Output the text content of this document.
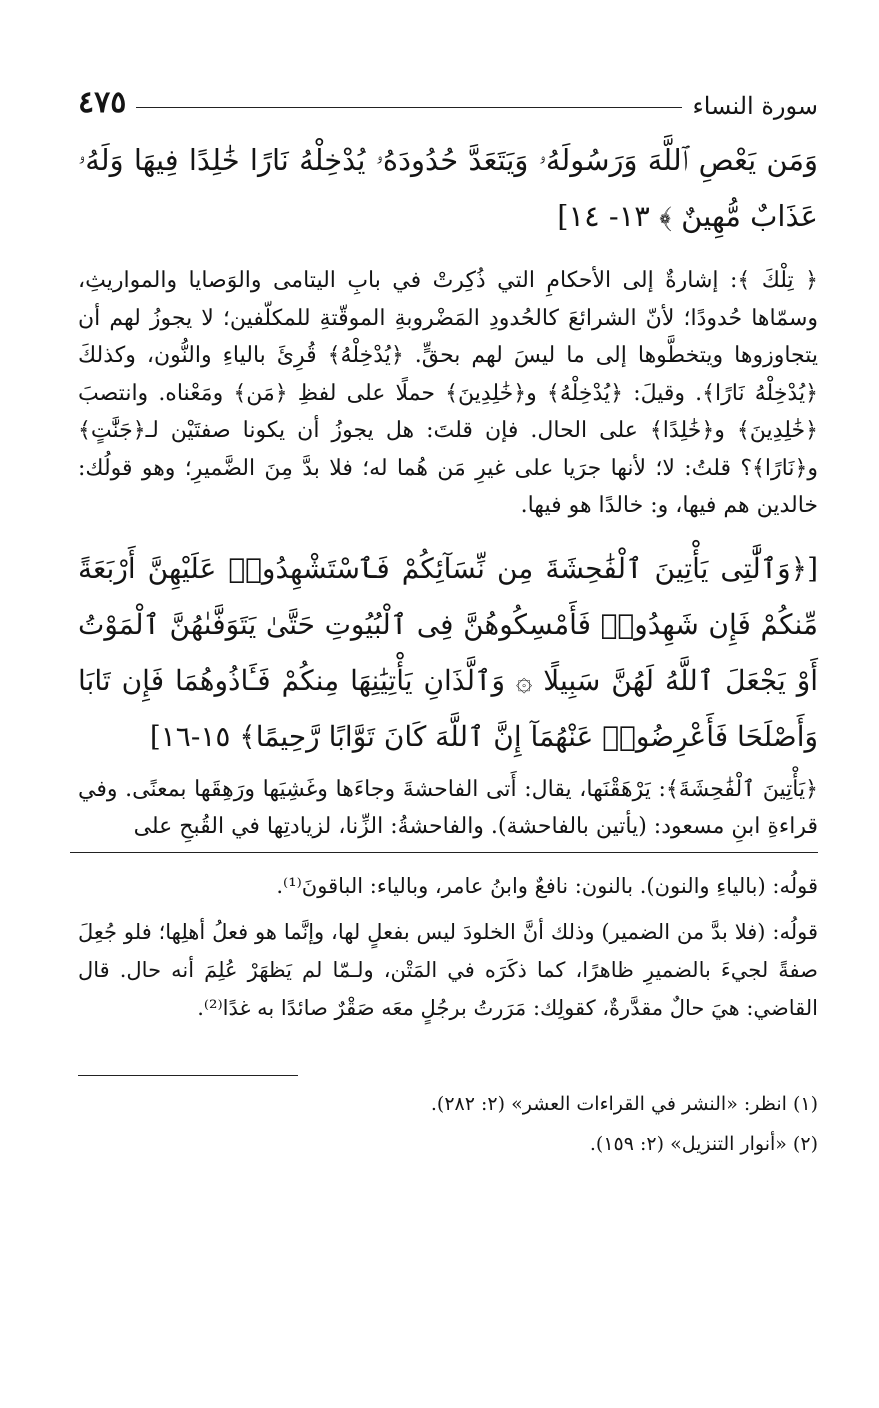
سورة النساء
٤٧٥
وَمَن يَعْصِ ٱللَّهَ وَرَسُولَهُۥ وَيَتَعَدَّ حُدُودَهُۥ يُدْخِلْهُ نَارًا خَٰلِدًا فِيهَا وَلَهُۥ عَذَابٌ مُّهِينٌ ﴾ ١٣- ١٤]
﴿ تِلْكَ ﴾: إشارةٌ إلى الأحكامِ التي ذُكِرتْ في بابِ اليتامى والوَصايا والمواريثِ، وسمّاها حُدودًا؛ لأنّ الشرائعَ كالحُدودِ المَضْروبةِ الموقّتةِ للمكلّفين؛ لا يجوزُ لهم أن يتجاوزوها ويتخطَّوها إلى ما ليسَ لهم بحقٍّ. ﴿يُدْخِلْهُ﴾ قُرِئَ بالياءِ والنُّون، وكذلكَ ﴿يُدْخِلْهُ نَارًا﴾. وقيلَ: ﴿يُدْخِلْهُ﴾ و﴿خَٰلِدِينَ﴾ حملًا على لفظِ ﴿مَن﴾ ومَعْناه. وانتصبَ ﴿خَٰلِدِينَ﴾ و﴿خَٰلِدًا﴾ على الحال. فإن قلتَ: هل يجوزُ أن يكونا صفتَيْن لـ﴿جَنَّٰتٍ﴾ و﴿نَارًا﴾؟ قلتُ: لا؛ لأنها جرَيا على غيرِ مَن هُما له؛ فلا بدَّ مِنَ الضَّميرِ؛ وهو قولُك: خالدين هم فيها، و: خالدًا هو فيها.
[﴿وَٱلَّٰتِى يَأْتِينَ ٱلْفَٰحِشَةَ مِن نِّسَآئِكُمْ فَٱسْتَشْهِدُوا۟ عَلَيْهِنَّ أَرْبَعَةً مِّنكُمْ فَإِن شَهِدُوا۟ فَأَمْسِكُوهُنَّ فِى ٱلْبُيُوتِ حَتَّىٰ يَتَوَفَّىٰهُنَّ ٱلْمَوْتُ أَوْ يَجْعَلَ ٱللَّهُ لَهُنَّ سَبِيلًا ۞ وَٱلَّذَانِ يَأْتِيَٰنِهَا مِنكُمْ فَـَٔاذُوهُمَا فَإِن تَابَا وَأَصْلَحَا فَأَعْرِضُوا۟ عَنْهُمَآ إِنَّ ٱللَّهَ كَانَ تَوَّابًا رَّحِيمًا﴾ ١٥-١٦]
﴿يَأْتِينَ ٱلْفَٰحِشَةَ﴾: يَرْهَقْنَها، يقال: أَتى الفاحشةَ وجاءَها وغَشِيَها ورَهِقَها بمعنًى. وفي قراءةِ ابنِ مسعود: (يأتين بالفاحشة). والفاحشةُ: الزِّنا، لزيادتِها في القُبحِ على

قولُه: (بالياءِ والنون). بالنون: نافعٌ وابنُ عامر، وبالياء: الباقونَ⁽¹⁾.

قولُه: (فلا بدَّ من الضمير) وذلك أنَّ الخلودَ ليس بفعلٍ لها، وإنَّما هو فعلُ أهلِها؛ فلو جُعِلَ صفةً لجيءَ بالضميرِ ظاهرًا، كما ذكَرَه في المَتْن، ولـمّا لم يَظهَرْ عُلِمَ أنه حال. قال القاضي: هيَ حالٌ مقدَّرةٌ، كقولِك: مَرَرتُ برجُلٍ معَه صَقْرٌ صائدًا به غدًا⁽²⁾.

(١) انظر: «النشر في القراءات العشر» (٢: ٢٨٢).
(٢) «أنوار التنزيل» (٢: ١٥٩).
